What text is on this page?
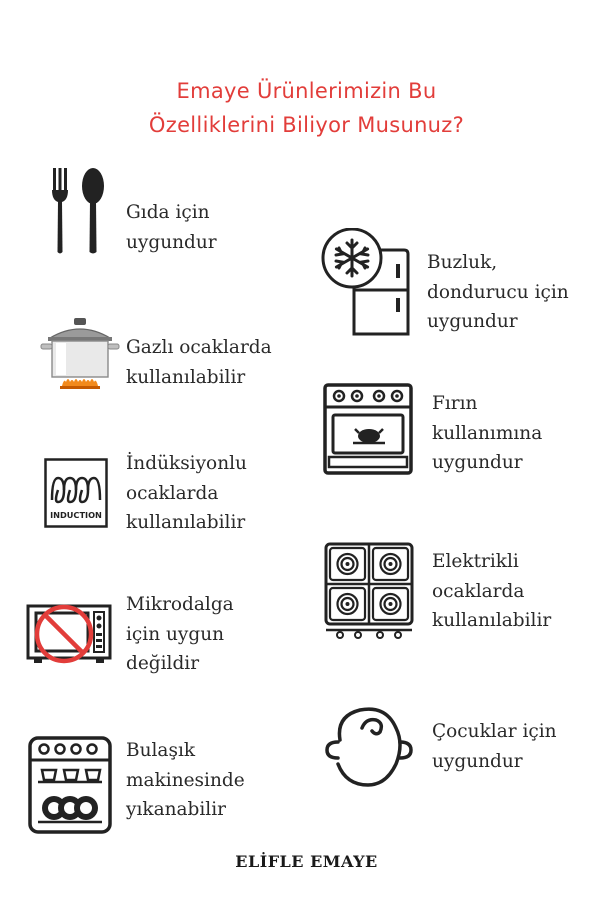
Emaye Ürünlerimizin Bu
Özelliklerini Biliyor Musunuz?
Gıda için
uygundur
Gazlı ocaklarda
kullanılabilir
INDUCTION
İndüksiyonlu
ocaklarda
kullanılabilir
Mikrodalga
için uygun
değildir
Bulaşık
makinesinde
yıkanabilir
Buzluk,
dondurucu için
uygundur
Fırın
kullanımına
uygundur
Elektrikli
ocaklarda
kullanılabilir
Çocuklar için
uygundur
ELİFLE EMAYE
